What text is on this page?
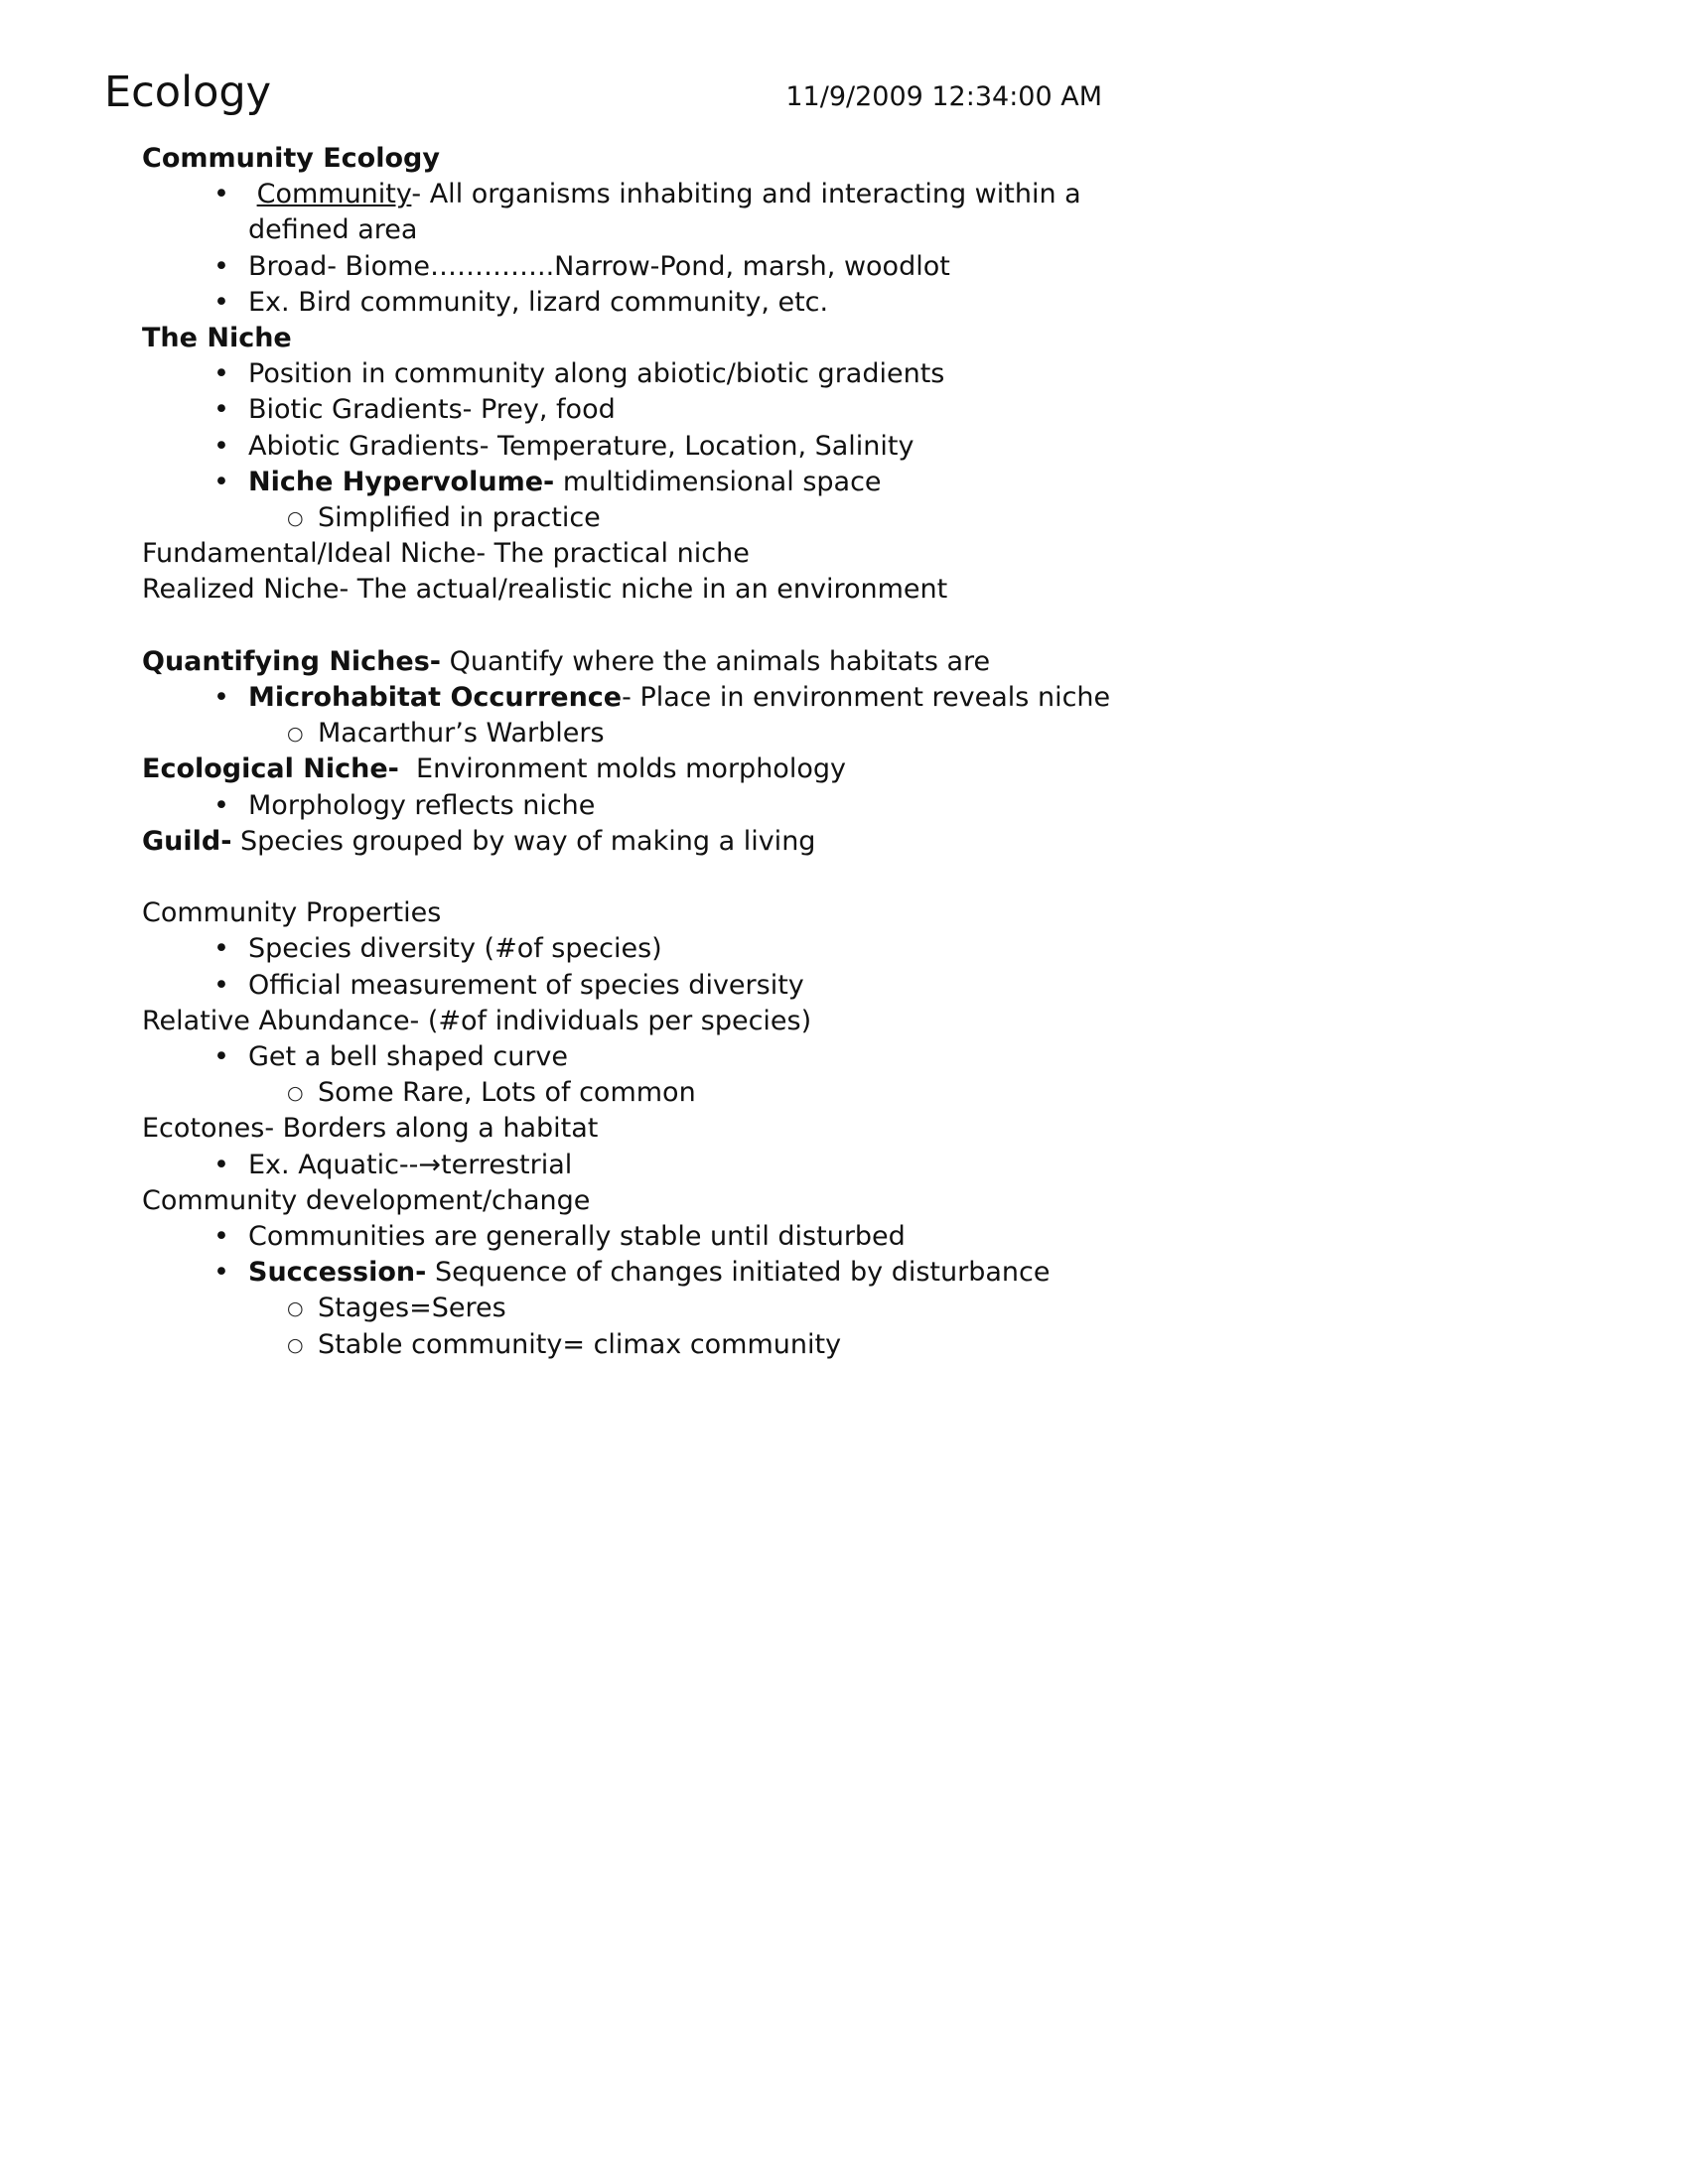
Ecology	11/9/2009 12:34:00 AM
Community Ecology
• Community- All organisms inhabiting and interacting within a
defined area
• Broad- Biome…………..Narrow-Pond, marsh, woodlot
• Ex. Bird community, lizard community, etc.
The Niche
• Position in community along abiotic/biotic gradients
• Biotic Gradients- Prey, food
• Abiotic Gradients- Temperature, Location, Salinity
• Niche Hypervolume- multidimensional space
○ Simplified in practice
Fundamental/Ideal Niche- The practical niche
Realized Niche- The actual/realistic niche in an environment
Quantifying Niches- Quantify where the animals habitats are
• Microhabitat Occurrence- Place in environment reveals niche
○ Macarthur’s Warblers
Ecological Niche-  Environment molds morphology
• Morphology reflects niche
Guild- Species grouped by way of making a living
Community Properties
• Species diversity (#of species)
• Official measurement of species diversity
Relative Abundance- (#of individuals per species)
• Get a bell shaped curve
○ Some Rare, Lots of common
Ecotones- Borders along a habitat
• Ex. Aquatic--→terrestrial
Community development/change
• Communities are generally stable until disturbed
• Succession- Sequence of changes initiated by disturbance
○ Stages=Seres
○ Stable community= climax community
